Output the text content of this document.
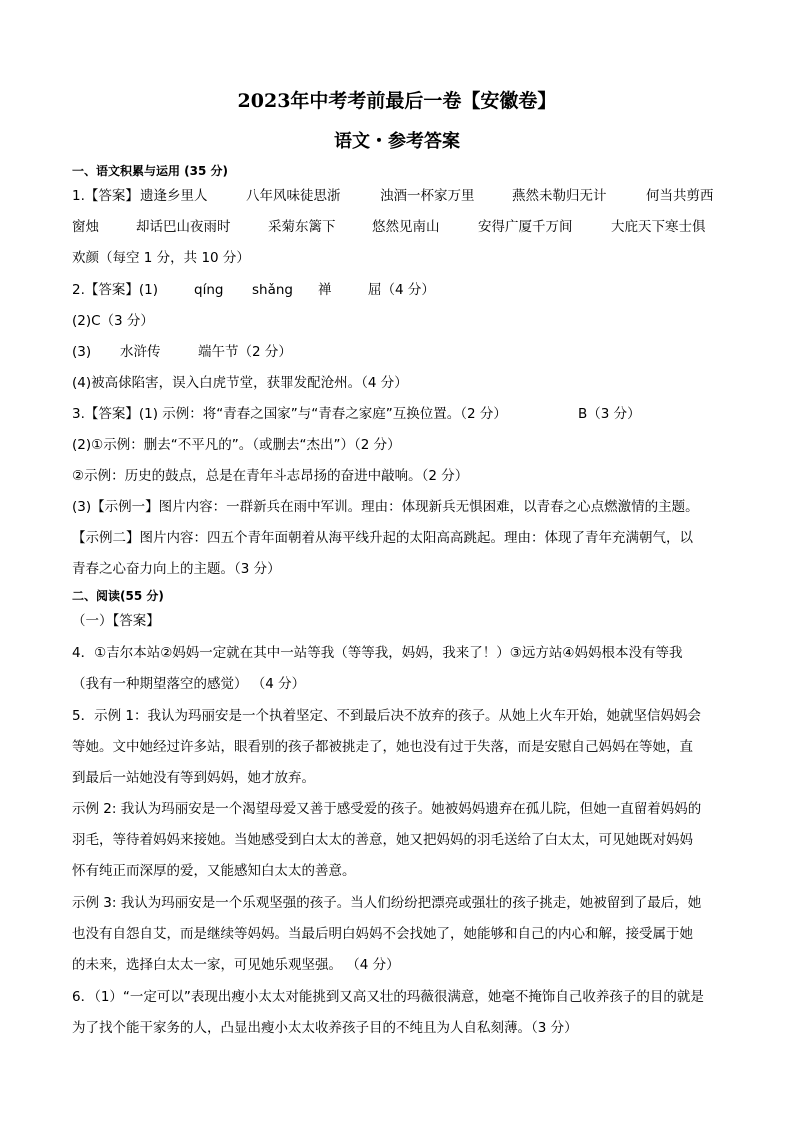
2023年中考考前最后一卷【安徽卷】
语文・参考答案
一、语文积累与运用 (35 分)
1.【答案】 遗逢乡里人	八年风味徒思浙	浊酒一杯家万里	燕然未勒归无计	何当共剪西
窗烛	却话巴山夜雨时	采菊东篱下	悠然见南山	安得广厦千万间	大庇天下寒士俱
欢颜（每空 1 分，共 10 分）
2.【答案】(1)	qíng shǎng 禅	屈（4 分）
(2)C（3 分）
(3) 水浒传	端午节（2 分）
(4)被高俅陷害，误入白虎节堂，获罪发配沧州。（4 分）
3.【答案】(1) 示例：将“青春之国家”与“青春之家庭”互换位置。（2 分）	B（3 分）
(2)①示例：删去“不平凡的”。（或删去“杰出”）（2 分）
②示例：历史的鼓点，总是在青年斗志昂扬的奋进中敲响。（2 分）
(3)【示例一】图片内容：一群新兵在雨中军训。理由：体现新兵无惧困难，以青春之心点燃激情的主题。
【示例二】图片内容：四五个青年面朝着从海平线升起的太阳高高跳起。理由：体现了青年充满朝气，以
青春之心奋力向上的主题。（3 分）
二、阅读(55 分)
（一）【答案】
4．①吉尔本站②妈妈一定就在其中一站等我（等等我，妈妈，我来了！）③远方站④妈妈根本没有等我
（我有一种期望落空的感觉） （4 分）
5．示例 1：我认为玛丽安是一个执着坚定、不到最后决不放弃的孩子。从她上火车开始，她就坚信妈妈会
等她。文中她经过许多站，眼看别的孩子都被挑走了，她也没有过于失落，而是安慰自己妈妈在等她，直
到最后一站她没有等到妈妈，她才放弃。
示例 2: 我认为玛丽安是一个渴望母爱又善于感受爱的孩子。她被妈妈遗弃在孤儿院，但她一直留着妈妈的
羽毛，等待着妈妈来接她。当她感受到白太太的善意，她又把妈妈的羽毛送给了白太太，可见她既对妈妈
怀有纯正而深厚的爱，又能感知白太太的善意。
示例 3: 我认为玛丽安是一个乐观坚强的孩子。当人们纷纷把漂亮或强壮的孩子挑走，她被留到了最后，她
也没有自怨自艾，而是继续等妈妈。当最后明白妈妈不会找她了，她能够和自己的内心和解，接受属于她
的未来，选择白太太一家，可见她乐观坚强。 （4 分）
6．（1）“一定可以”表现出瘦小太太对能挑到又高又壮的玛薇很满意，她毫不掩饰自己收养孩子的目的就是
为了找个能干家务的人，凸显出瘦小太太收养孩子目的不纯且为人自私刻薄。（3 分）
